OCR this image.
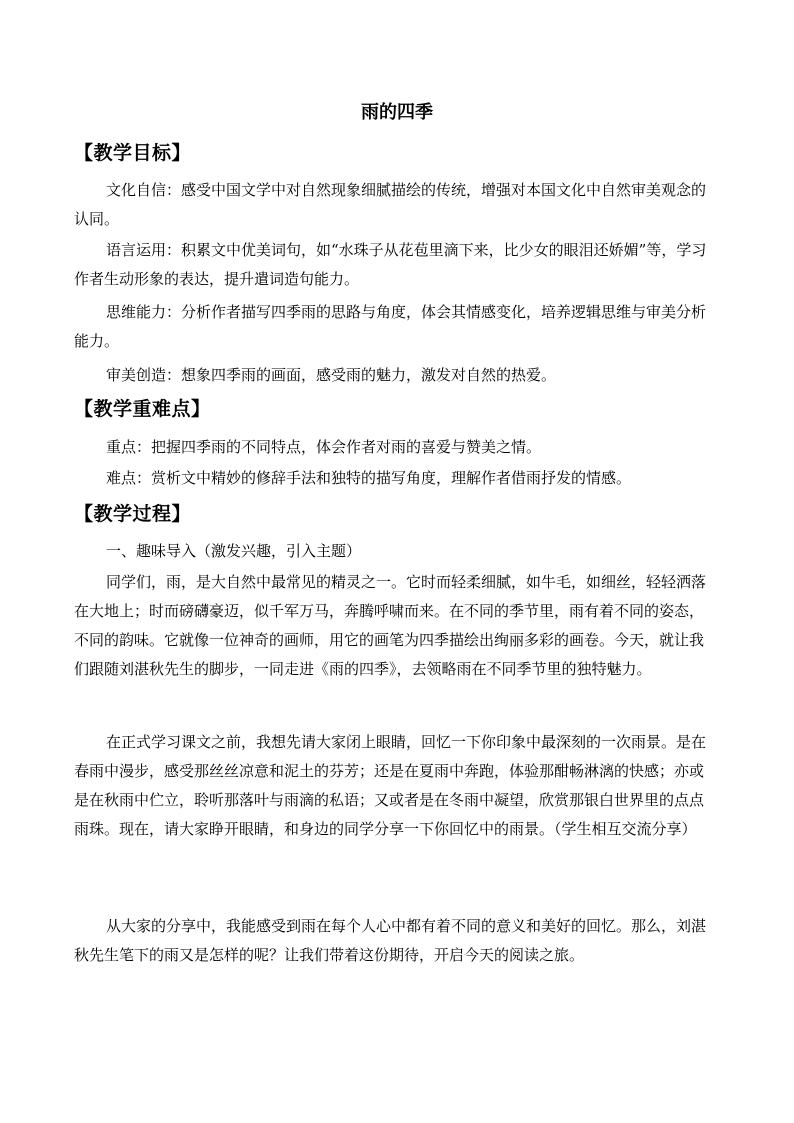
雨的四季
【教学目标】
文化自信：感受中国文学中对自然现象细腻描绘的传统，增强对本国文化中自然审美观念的认同。
语言运用：积累文中优美词句，如“水珠子从花苞里滴下来，比少女的眼泪还娇媚”等，学习作者生动形象的表达，提升遣词造句能力。
思维能力：分析作者描写四季雨的思路与角度，体会其情感变化，培养逻辑思维与审美分析能力。
审美创造：想象四季雨的画面，感受雨的魅力，激发对自然的热爱。
【教学重难点】
重点：把握四季雨的不同特点，体会作者对雨的喜爱与赞美之情。
难点：赏析文中精妙的修辞手法和独特的描写角度，理解作者借雨抒发的情感。
【教学过程】
一、趣味导入（激发兴趣，引入主题）
同学们，雨，是大自然中最常见的精灵之一。它时而轻柔细腻，如牛毛，如细丝，轻轻洒落在大地上；时而磅礴豪迈，似千军万马，奔腾呼啸而来。在不同的季节里，雨有着不同的姿态，不同的韵味。它就像一位神奇的画师，用它的画笔为四季描绘出绚丽多彩的画卷。今天，就让我们跟随刘湛秋先生的脚步，一同走进《雨的四季》，去领略雨在不同季节里的独特魅力。
在正式学习课文之前，我想先请大家闭上眼睛，回忆一下你印象中最深刻的一次雨景。是在春雨中漫步，感受那丝丝凉意和泥土的芬芳；还是在夏雨中奔跑，体验那酣畅淋漓的快感；亦或是在秋雨中伫立，聆听那落叶与雨滴的私语；又或者是在冬雨中凝望，欣赏那银白世界里的点点雨珠。现在，请大家睁开眼睛，和身边的同学分享一下你回忆中的雨景。（学生相互交流分享）
从大家的分享中，我能感受到雨在每个人心中都有着不同的意义和美好的回忆。那么，刘湛秋先生笔下的雨又是怎样的呢？让我们带着这份期待，开启今天的阅读之旅。
